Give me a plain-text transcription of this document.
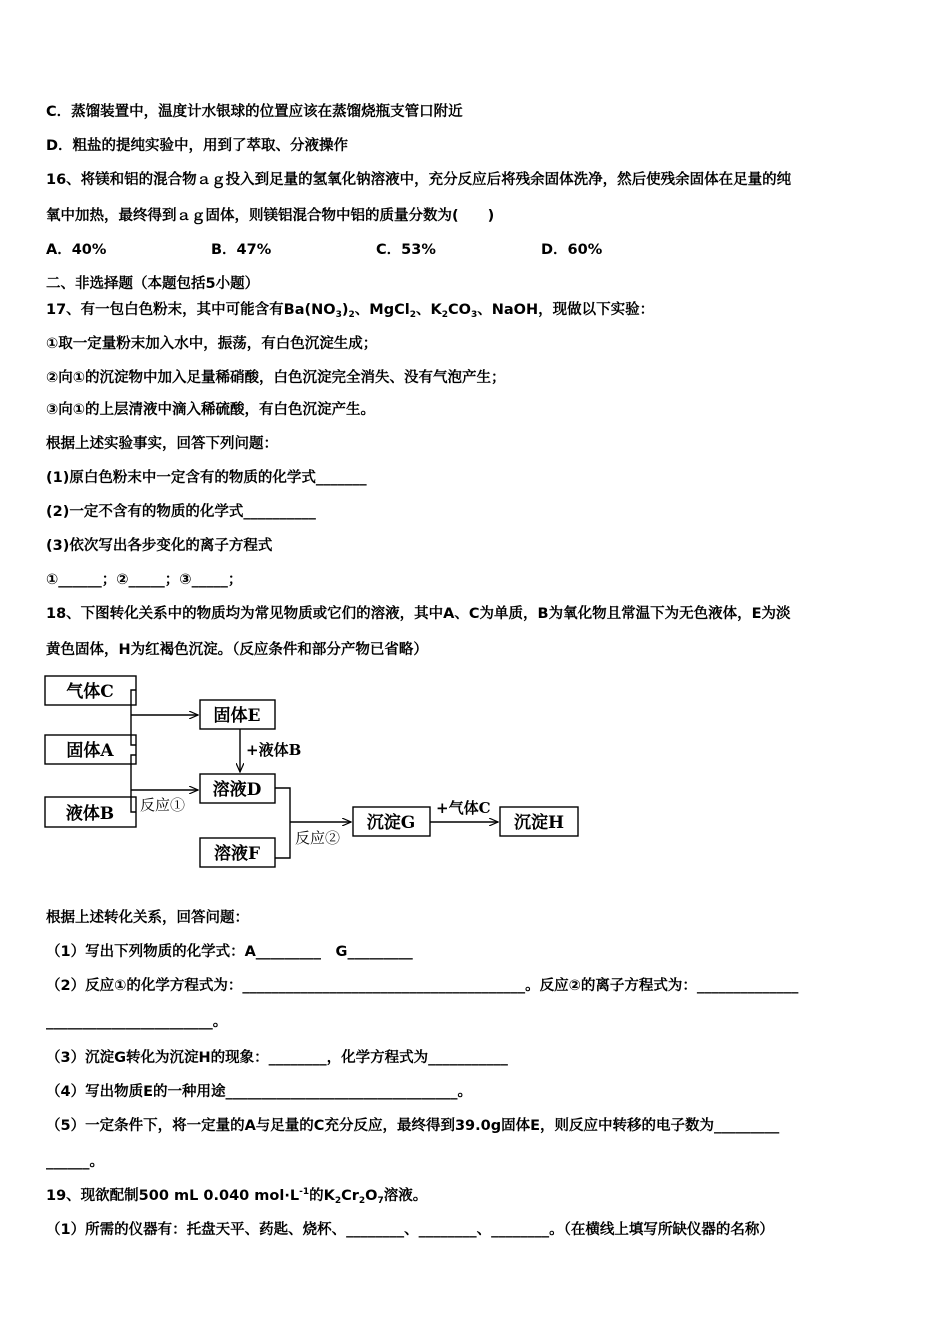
C．蒸馏装置中，温度计水银球的位置应该在蒸馏烧瓶支管口附近
D．粗盐的提纯实验中，用到了萃取、分液操作
16、将镁和铝的混合物ａｇ投入到足量的氢氧化钠溶液中，充分反应后将残余固体洗净，然后使残余固体在足量的纯
氧中加热，最终得到ａｇ固体，则镁铝混合物中铝的质量分数为(　　)
A．40%	B．47%	C．53%	D．60%
二、非选择题（本题包括5小题）
17、有一包白色粉末，其中可能含有$Ba(NO_3)_2$、MgCl$_2$、$K_2CO_3$、NaOH，现做以下实验：
①取一定量粉末加入水中，振荡，有白色沉淀生成；
②向①的沉淀物中加入足量稀硝酸，白色沉淀完全消失、没有气泡产生；
③向①的上层清液中滴入稀硫酸，有白色沉淀产生。
根据上述实验事实，回答下列问题：
(1)原白色粉末中一定含有的物质的化学式_______
(2)一定不含有的物质的化学式__________
(3)依次写出各步变化的离子方程式
①______；②_____；③_____；
18、下图转化关系中的物质均为常见物质或它们的溶液，其中A、C为单质，B为氧化物且常温下为无色液体，E为淡
黄色固体，H为红褐色沉淀。（反应条件和部分产物已省略）
根据上述转化关系，回答问题：
（1）写出下列物质的化学式：A_________　G_________
（2）反应①的化学方程式为：_______________________________________。反应②的离子方程式为：______________
_______________________。
（3）沉淀G转化为沉淀H的现象：________，化学方程式为___________
（4）写出物质E的一种用途________________________________。
（5）一定条件下，将一定量的A与足量的C充分反应，最终得到39.0g固体E，则反应中转移的电子数为_________
______。
19、现欲配制500 mL 0.040 $mol\cdot L^{-1}$的$K_2Cr_2O_7$溶液。
（1）所需的仪器有：托盘天平、药匙、烧杯、________、________、________。（在横线上填写所缺仪器的名称）
气体C
固体A
液体B
固体E
溶液D
溶液F
沉淀G	沉淀H
+液体B
+气体C
反应①
反应②
